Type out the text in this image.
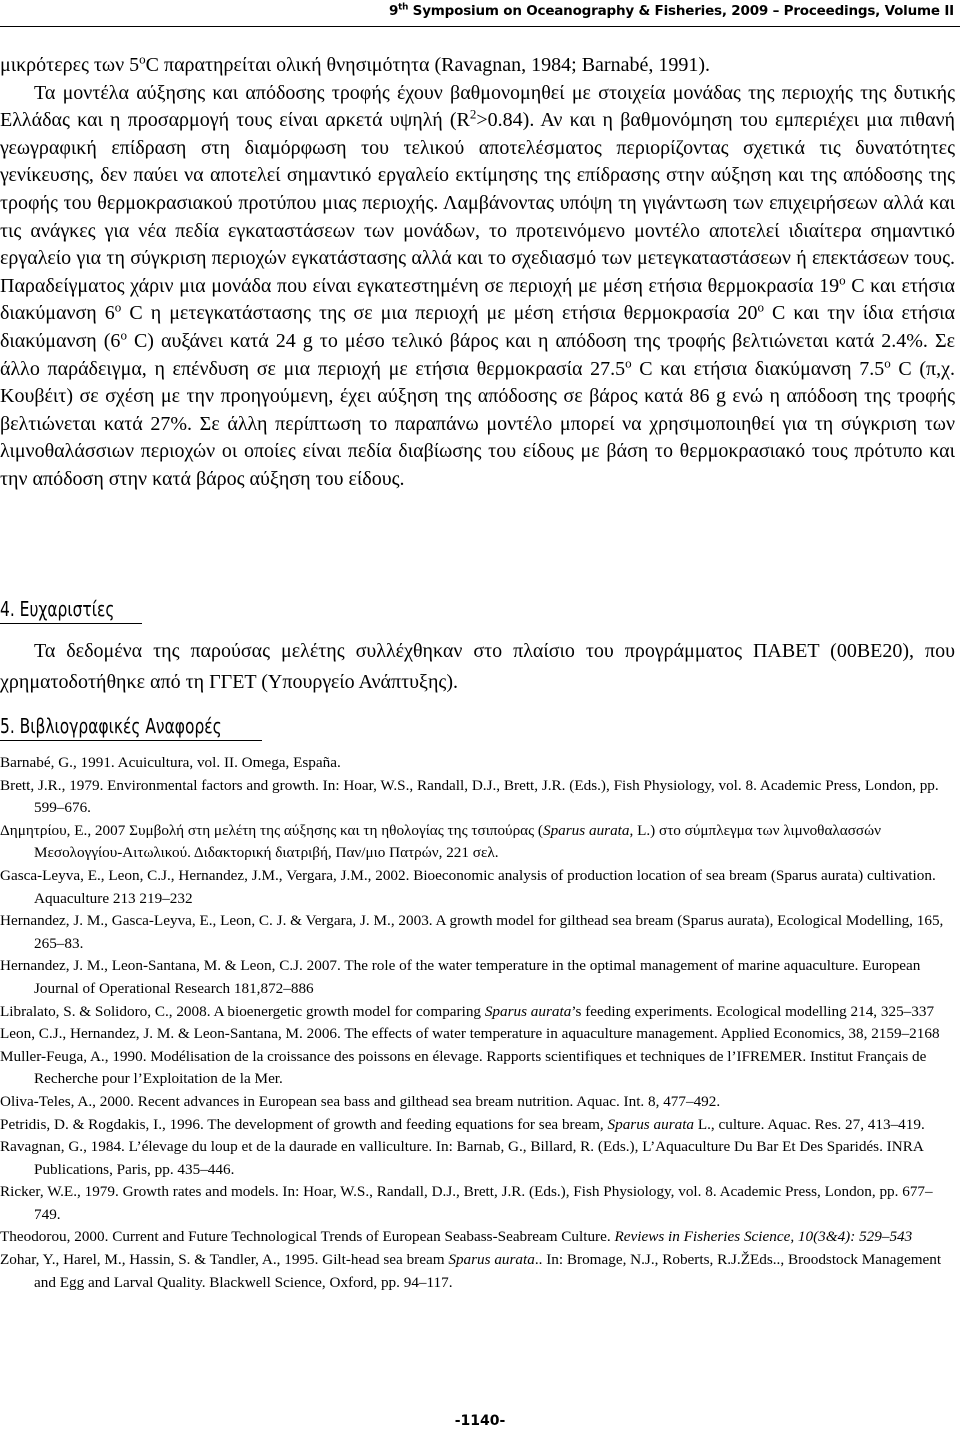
9th Symposium on Oceanography & Fisheries, 2009 – Proceedings, Volume II

μικρότερες των $5^oC$ παρατηρείται ολική θνησιμότητα (Ravagnan, 1984; Barnabé, 1991).

Τα μοντέλα αύξησης και απόδοσης τροφής έχουν βαθμονομηθεί με στοιχεία μονάδας της περιοχής της δυτικής Ελλάδας και η προσαρμογή τους είναι αρκετά υψηλή $(R^2>0.84)$. Αν και η βαθμονόμηση του εμπεριέχει μια πιθανή γεωγραφική επίδραση στη διαμόρφωση του τελικού αποτελέσματος περιορίζοντας σχετικά τις δυνατότητες γενίκευσης, δεν παύει να αποτελεί σημαντικό εργαλείο εκτίμησης της επίδρασης στην αύξηση και της απόδοσης της τροφής του θερμοκρασιακού προτύπου μιας περιοχής. Λαμβάνοντας υπόψη τη γιγάντωση των επιχειρήσεων αλλά και τις ανάγκες για νέα πεδία εγκαταστάσεων των μονάδων, το προτεινόμενο μοντέλο αποτελεί ιδιαίτερα σημαντικό εργαλείο για τη σύγκριση περιοχών εγκατάστασης αλλά και το σχεδιασμό των μετεγκαταστάσεων ή επεκτάσεων τους. Παραδείγματος χάριν μια μονάδα που είναι εγκατεστημένη σε περιοχή με μέση ετήσια θερμοκρασία $19^o$ C και ετήσια διακύμανση $6^o$ C η μετεγκατάστασης της σε μια περιοχή με μέση ετήσια θερμοκρασία $20^o$ C και την ίδια ετήσια διακύμανση ($6^o$ C) αυξάνει κατά 24 g το μέσο τελικό βάρος και η απόδοση της τροφής βελτιώνεται κατά 2.4%. Σε άλλο παράδειγμα, η επένδυση σε μια περιοχή με ετήσια θερμοκρασία $27.5^o$ C και ετήσια διακύμανση $7.5^o$ C (π,χ. Κουβέιτ) σε σχέση με την προηγούμενη, έχει αύξηση της απόδοσης σε βάρος κατά 86 g ενώ η απόδοση της τροφής βελτιώνεται κατά 27%. Σε άλλη περίπτωση το παραπάνω μοντέλο μπορεί να χρησιμοποιηθεί για τη σύγκριση των λιμνοθαλάσσιων περιοχών οι οποίες είναι πεδία διαβίωσης του είδους με βάση το θερμοκρασιακό τους πρότυπο και την απόδοση στην κατά βάρος αύξηση του είδους.

4. Ευχαριστίες

Τα δεδομένα της παρούσας μελέτης συλλέχθηκαν στο πλαίσιο του προγράμματος ΠΑΒΕΤ (00ΒΕ20), που χρηματοδοτήθηκε από τη ΓΓΕΤ (Υπουργείο Ανάπτυξης).

5. Βιβλιογραφικές Αναφορές

Barnabé, G., 1991. Acuicultura, vol. II. Omega, España.

Brett, J.R., 1979. Environmental factors and growth. In: Hoar, W.S., Randall, D.J., Brett, J.R. (Eds.), Fish Physiology, vol. 8. Academic Press, London, pp. 599–676.

Δημητρίου, Ε., 2007 Συμβολή στη μελέτη της αύξησης και τη ηθολογίας της τσιπούρας (Sparus aurata, L.) στο σύμπλεγμα των λιμνοθαλασσών Μεσολογγίου-Αιτωλικού. Διδακτορική διατριβή, Παν/μιο Πατρών, 221 σελ.

Gasca-Leyva, E., Leon, C.J., Hernandez, J.M., Vergara, J.M., 2002. Bioeconomic analysis of production location of sea bream (Sparus aurata) cultivation. Aquaculture 213 219–232

Hernandez, J. M., Gasca-Leyva, E., Leon, C. J. & Vergara, J. M., 2003. A growth model for gilthead sea bream (Sparus aurata), Ecological Modelling, 165, 265–83.

Hernandez, J. M., Leon-Santana, M. & Leon, C.J. 2007. The role of the water temperature in the optimal management of marine aquaculture. European Journal of Operational Research 181,872–886

Libralato, S. & Solidoro, C., 2008. A bioenergetic growth model for comparing Sparus aurata’s feeding experiments. Ecological modelling 214, 325–337

Leon, C.J., Hernandez, J. M. & Leon-Santana, M. 2006. The effects of water temperature in aquaculture management. Applied Economics, 38, 2159–2168

Muller-Feuga, A., 1990. Modélisation de la croissance des poissons en élevage. Rapports scientifiques et techniques de l’IFREMER. Institut Français de Recherche pour l’Exploitation de la Mer.

Oliva-Teles, A., 2000. Recent advances in European sea bass and gilthead sea bream nutrition. Aquac. Int. 8, 477–492.

Petridis, D. & Rogdakis, I., 1996. The development of growth and feeding equations for sea bream, Sparus aurata L., culture. Aquac. Res. 27, 413–419.

Ravagnan, G., 1984. L’élevage du loup et de la daurade en valliculture. In: Barnab, G., Billard, R. (Eds.), L’Aquaculture Du Bar Et Des Sparidés. INRA Publications, Paris, pp. 435–446.

Ricker, W.E., 1979. Growth rates and models. In: Hoar, W.S., Randall, D.J., Brett, J.R. (Eds.), Fish Physiology, vol. 8. Academic Press, London, pp. 677–749.

Theodorou, 2000. Current and Future Technological Trends of European Seabass-Seabream Culture. Reviews in Fisheries Science, 10(3&4): 529–543

Zohar, Y., Harel, M., Hassin, S. & Tandler, A., 1995. Gilt-head sea bream Sparus aurata.. In: Bromage, N.J., Roberts, R.J.ŽEds.., Broodstock Management and Egg and Larval Quality. Blackwell Science, Oxford, pp. 94–117.

-1140-
